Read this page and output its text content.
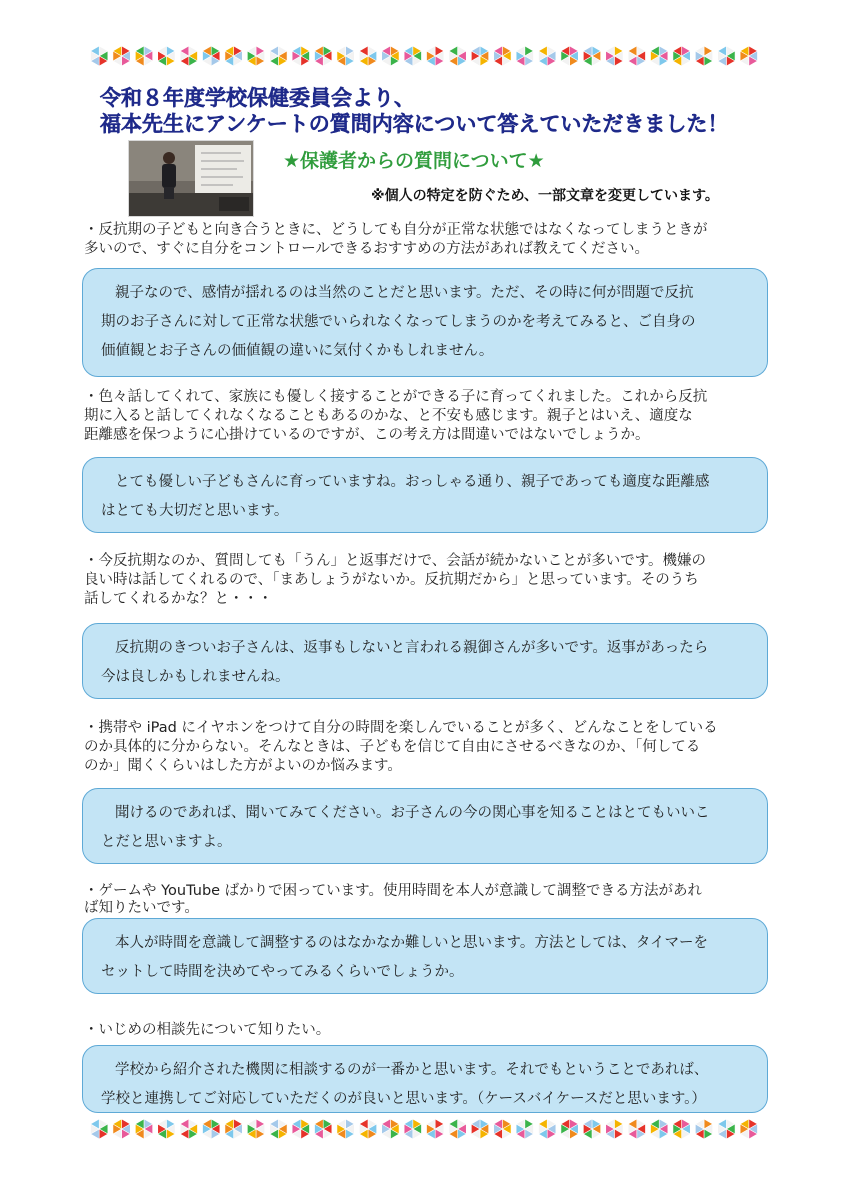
令和８年度学校保健委員会より、
福本先生にアンケートの質問内容について答えていただきました！
★保護者からの質問について★
※個人の特定を防ぐため、一部文章を変更しています。
・反抗期の子どもと向き合うときに、どうしても自分が正常な状態ではなくなってしまうときが
多いので、すぐに自分をコントロールできるおすすめの方法があれば教えてください。
親子なので、感情が揺れるのは当然のことだと思います。ただ、その時に何が問題で反抗
期のお子さんに対して正常な状態でいられなくなってしまうのかを考えてみると、ご自身の
価値観とお子さんの価値観の違いに気付くかもしれません。
・色々話してくれて、家族にも優しく接することができる子に育ってくれました。これから反抗
期に入ると話してくれなくなることもあるのかな、と不安も感じます。親子とはいえ、適度な
距離感を保つように心掛けているのですが、この考え方は間違いではないでしょうか。
とても優しい子どもさんに育っていますね。おっしゃる通り、親子であっても適度な距離感
はとても大切だと思います。
・今反抗期なのか、質問しても「うん」と返事だけで、会話が続かないことが多いです。機嫌の
良い時は話してくれるので、「まあしょうがないか。反抗期だから」と思っています。そのうち
話してくれるかな？と・・・
反抗期のきついお子さんは、返事もしないと言われる親御さんが多いです。返事があったら
今は良しかもしれませんね。
・携帯や iPad にイヤホンをつけて自分の時間を楽しんでいることが多く、どんなことをしている
のか具体的に分からない。そんなときは、子どもを信じて自由にさせるべきなのか、「何してる
のか」聞くくらいはした方がよいのか悩みます。
聞けるのであれば、聞いてみてください。お子さんの今の関心事を知ることはとてもいいこ
とだと思いますよ。
・ゲームや YouTube ばかりで困っています。使用時間を本人が意識して調整できる方法があれ
ば知りたいです。
本人が時間を意識して調整するのはなかなか難しいと思います。方法としては、タイマーを
セットして時間を決めてやってみるくらいでしょうか。
・いじめの相談先について知りたい。
学校から紹介された機関に相談するのが一番かと思います。それでもということであれば、
学校と連携してご対応していただくのが良いと思います。（ケースバイケースだと思います。）
